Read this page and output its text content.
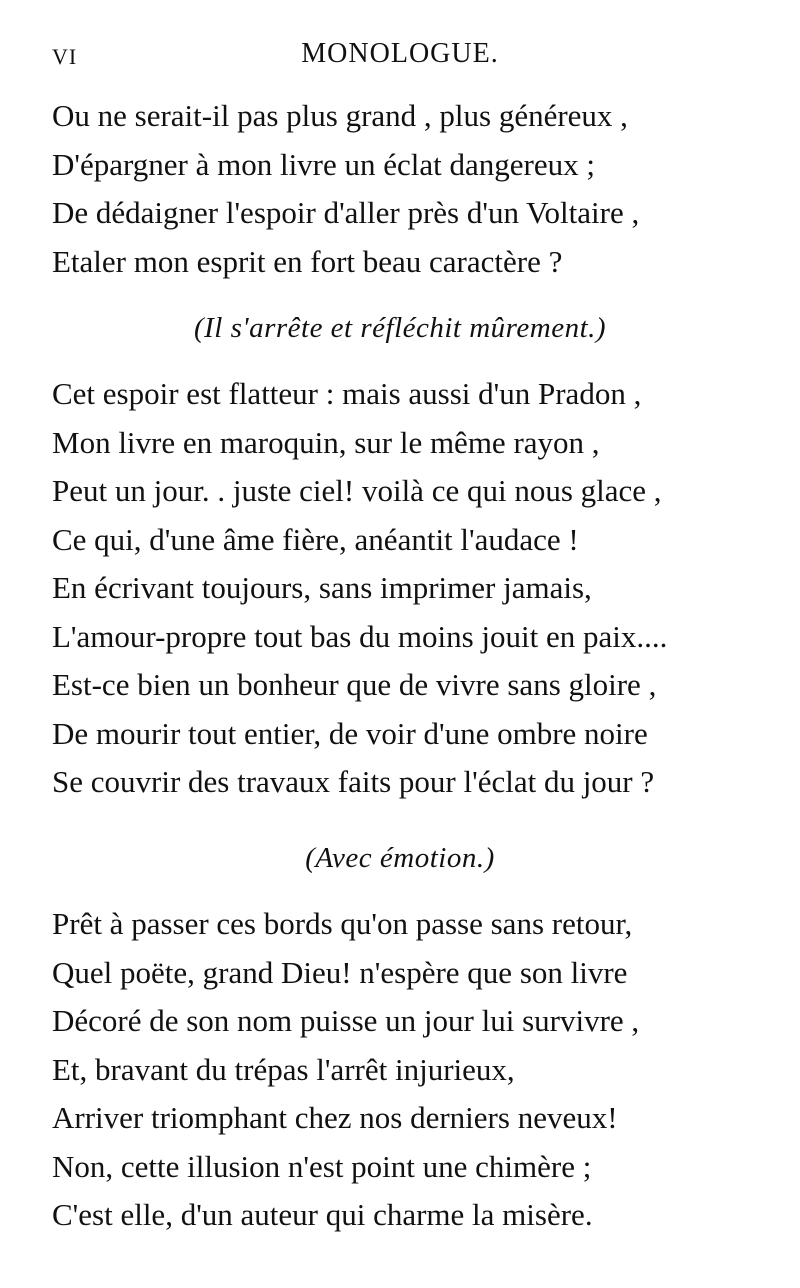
VI	MONOLOGUE.
Ou ne serait-il pas plus grand , plus généreux ,
D'épargner à mon livre un éclat dangereux ;
De dédaigner l'espoir d'aller près d'un Voltaire ,
Etaler mon esprit en fort beau caractère ?
(Il s'arrête et réfléchit mûrement.)
Cet espoir est flatteur : mais aussi d'un Pradon ,
Mon livre en maroquin, sur le même rayon ,
Peut un jour. . juste ciel! voilà ce qui nous glace ,
Ce qui, d'une âme fière, anéantit l'audace !
En écrivant toujours, sans imprimer jamais,
L'amour-propre tout bas du moins jouit en paix....
Est-ce bien un bonheur que de vivre sans gloire ,
De mourir tout entier, de voir d'une ombre noire
Se couvrir des travaux faits pour l'éclat du jour ?
(Avec émotion.)
Prêt à passer ces bords qu'on passe sans retour,
Quel poëte, grand Dieu! n'espère que son livre
Décoré de son nom puisse un jour lui survivre ,
Et, bravant du trépas l'arrêt injurieux,
Arriver triomphant chez nos derniers neveux!
Non, cette illusion n'est point une chimère ;
C'est elle, d'un auteur qui charme la misère.
